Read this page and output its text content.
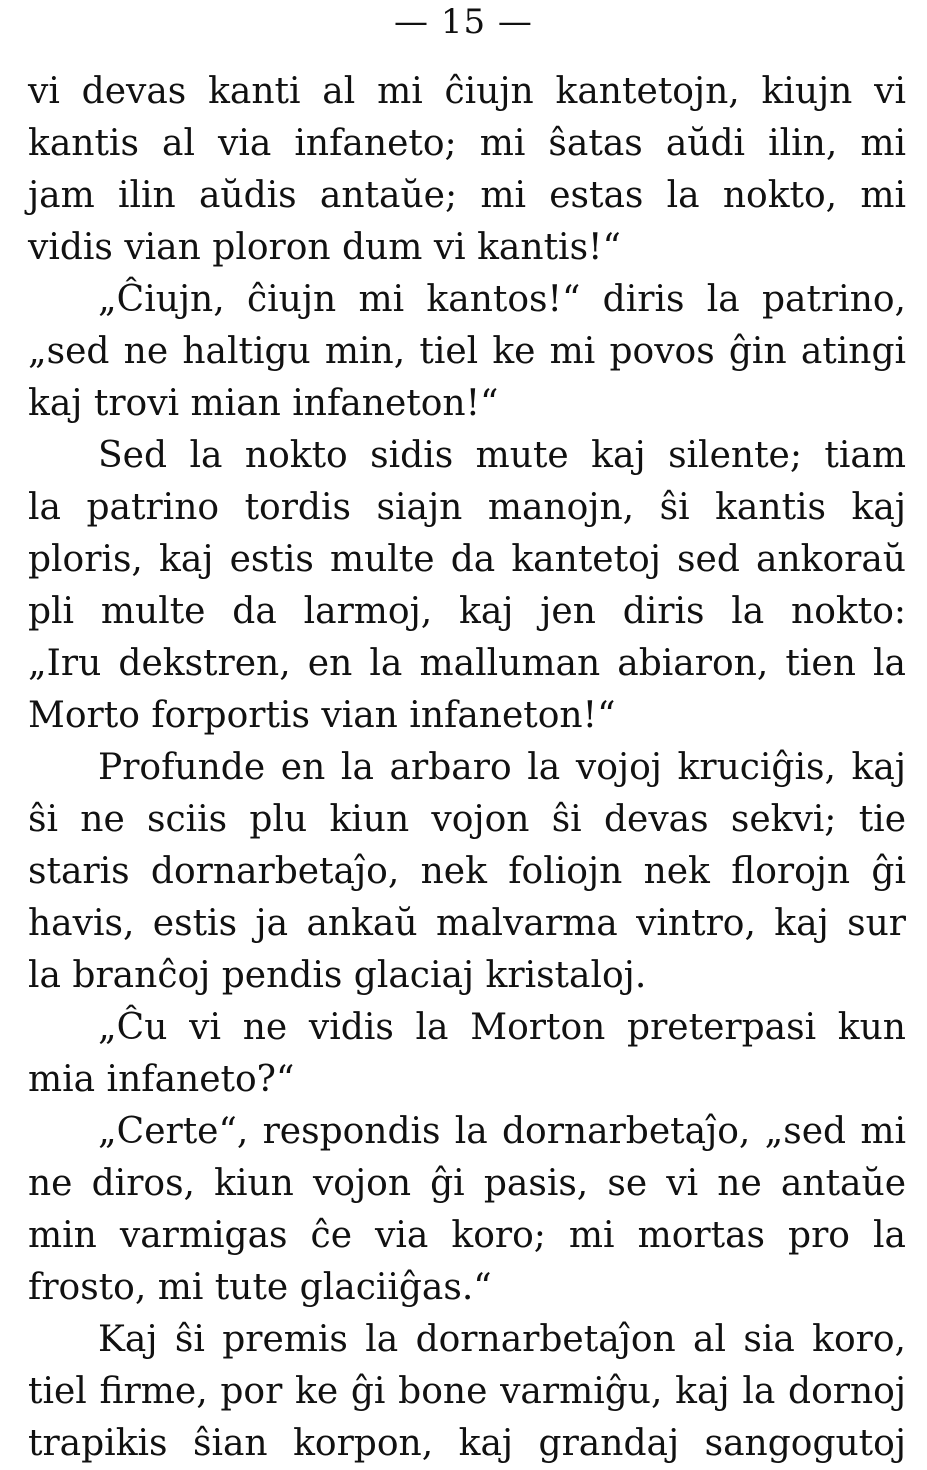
— 15 —
vi devas kanti al mi ĉiujn kantetojn, kiujn vi
kantis al via infaneto; mi ŝatas aŭdi ilin, mi
jam ilin aŭdis antaŭe; mi estas la nokto, mi
vidis vian ploron dum vi kantis!“
„Ĉiujn, ĉiujn mi kantos!“ diris la patrino,
„sed ne haltigu min, tiel ke mi povos ĝin atingi
kaj trovi mian infaneton!“
Sed la nokto sidis mute kaj silente; tiam
la patrino tordis siajn manojn, ŝi kantis kaj
ploris, kaj estis multe da kantetoj sed ankoraŭ
pli multe da larmoj, kaj jen diris la nokto:
„Iru dekstren, en la malluman abiaron, tien la
Morto forportis vian infaneton!“
Profunde en la arbaro la vojoj kruciĝis, kaj
ŝi ne sciis plu kiun vojon ŝi devas sekvi; tie
staris dornarbetaĵo, nek foliojn nek florojn ĝi
havis, estis ja ankaŭ malvarma vintro, kaj sur
la branĉoj pendis glaciaj kristaloj.
„Ĉu vi ne vidis la Morton preterpasi kun
mia infaneto?“
„Certe“, respondis la dornarbetaĵo, „sed mi
ne diros, kiun vojon ĝi pasis, se vi ne antaŭe
min varmigas ĉe via koro; mi mortas pro la
frosto, mi tute glaciiĝas.“
Kaj ŝi premis la dornarbetaĵon al sia koro,
tiel firme, por ke ĝi bone varmiĝu, kaj la dornoj
trapikis ŝian korpon, kaj grandaj sangogutoj
